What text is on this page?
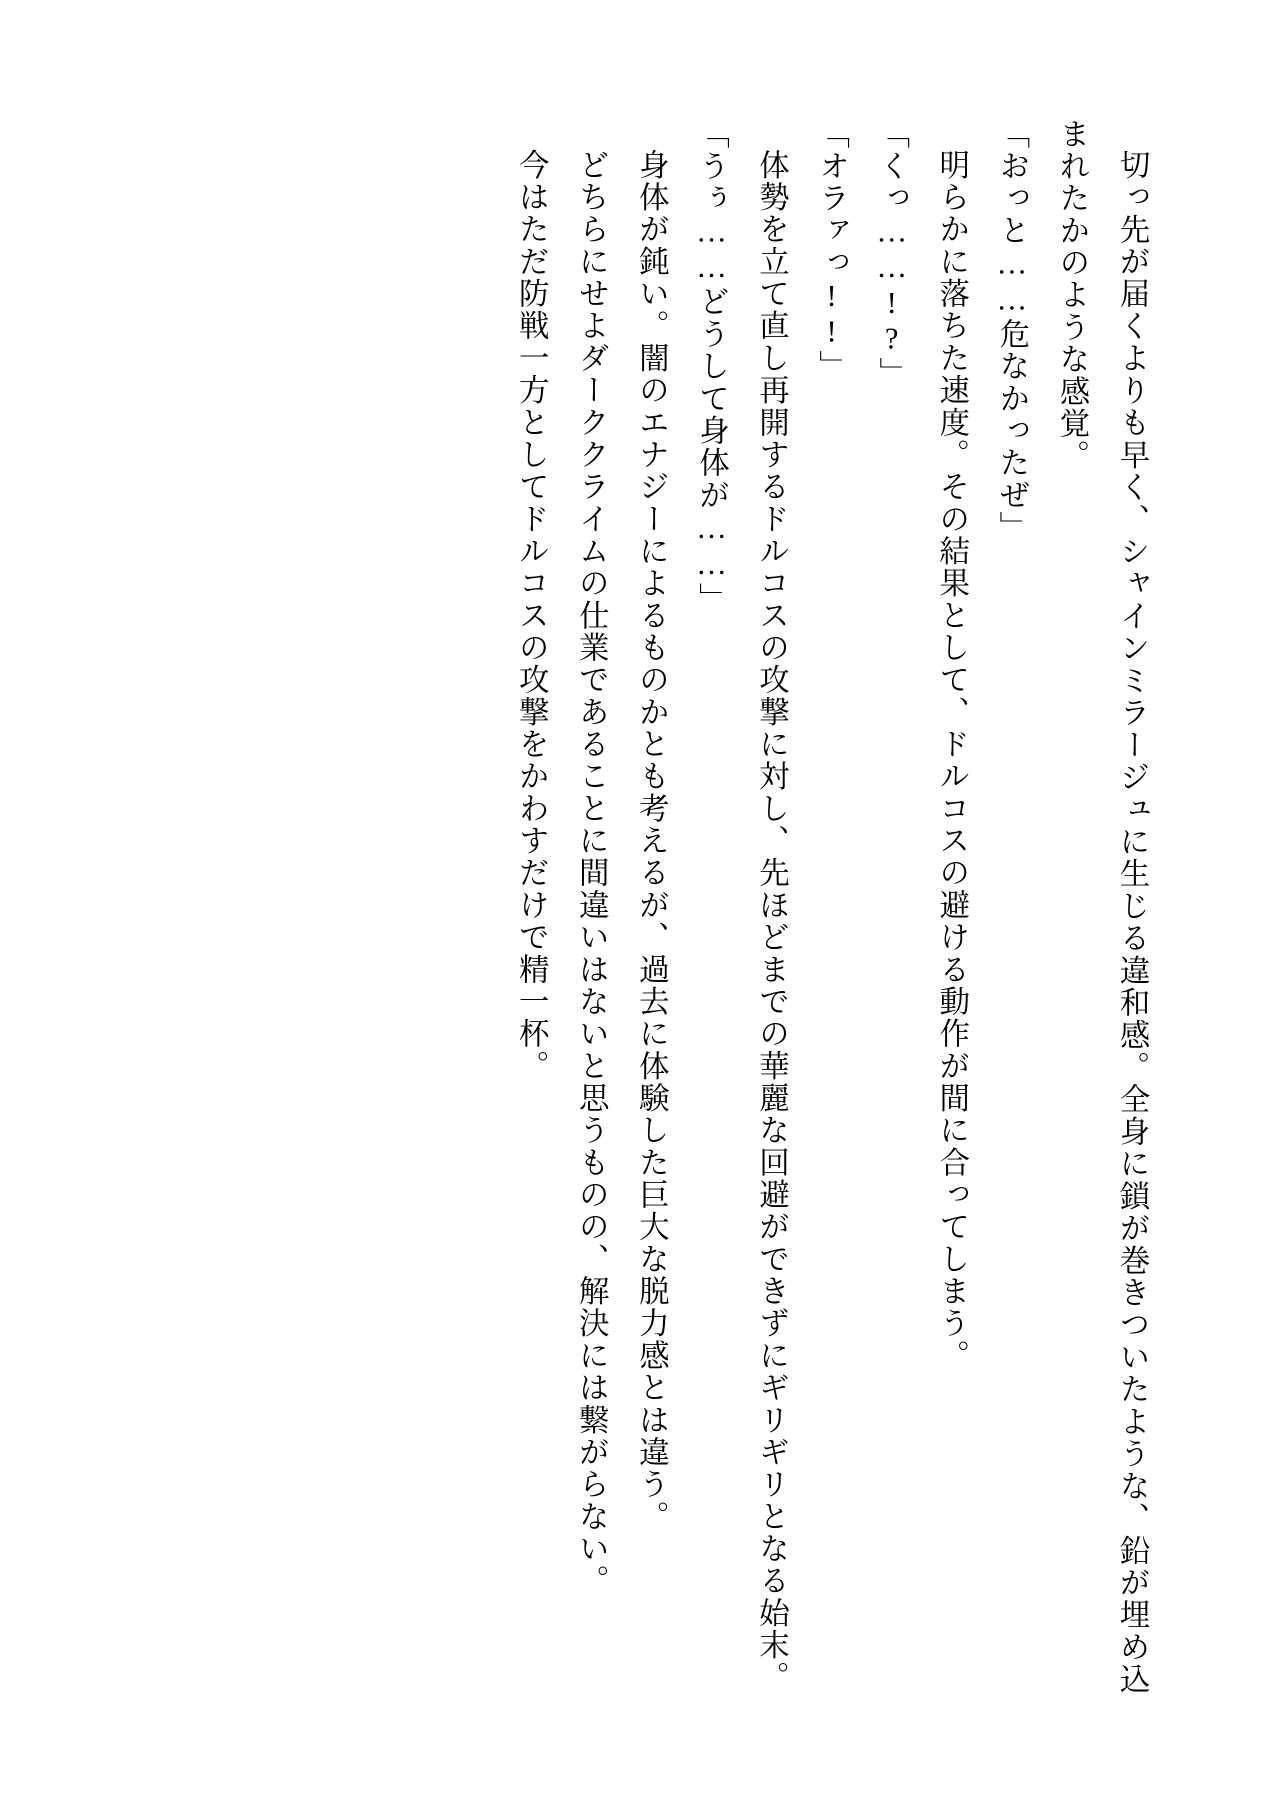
切っ先が届くよりも早く、シャインミラージュに生じる違和感。全身に鎖が巻きついたような、鉛が埋め込まれたかのような感覚。

「おっと……危なかったぜ」

明らかに落ちた速度。その結果として、ドルコスの避ける動作が間に合ってしまう。

「くっ……!?」

「オラァっ!!」

体勢を立て直し再開するドルコスの攻撃に対し、先ほどまでの華麗な回避ができずにギリギリとなる始末。

「うぅ……どうして身体が……」

身体が鈍い。闇のエナジーによるものかとも考えるが、過去に体験した巨大な脱力感とは違う。

どちらにせよダーククライムの仕業であることに間違いはないと思うものの、解決には繋がらない。

今はただ防戦一方としてドルコスの攻撃をかわすだけで精一杯。
